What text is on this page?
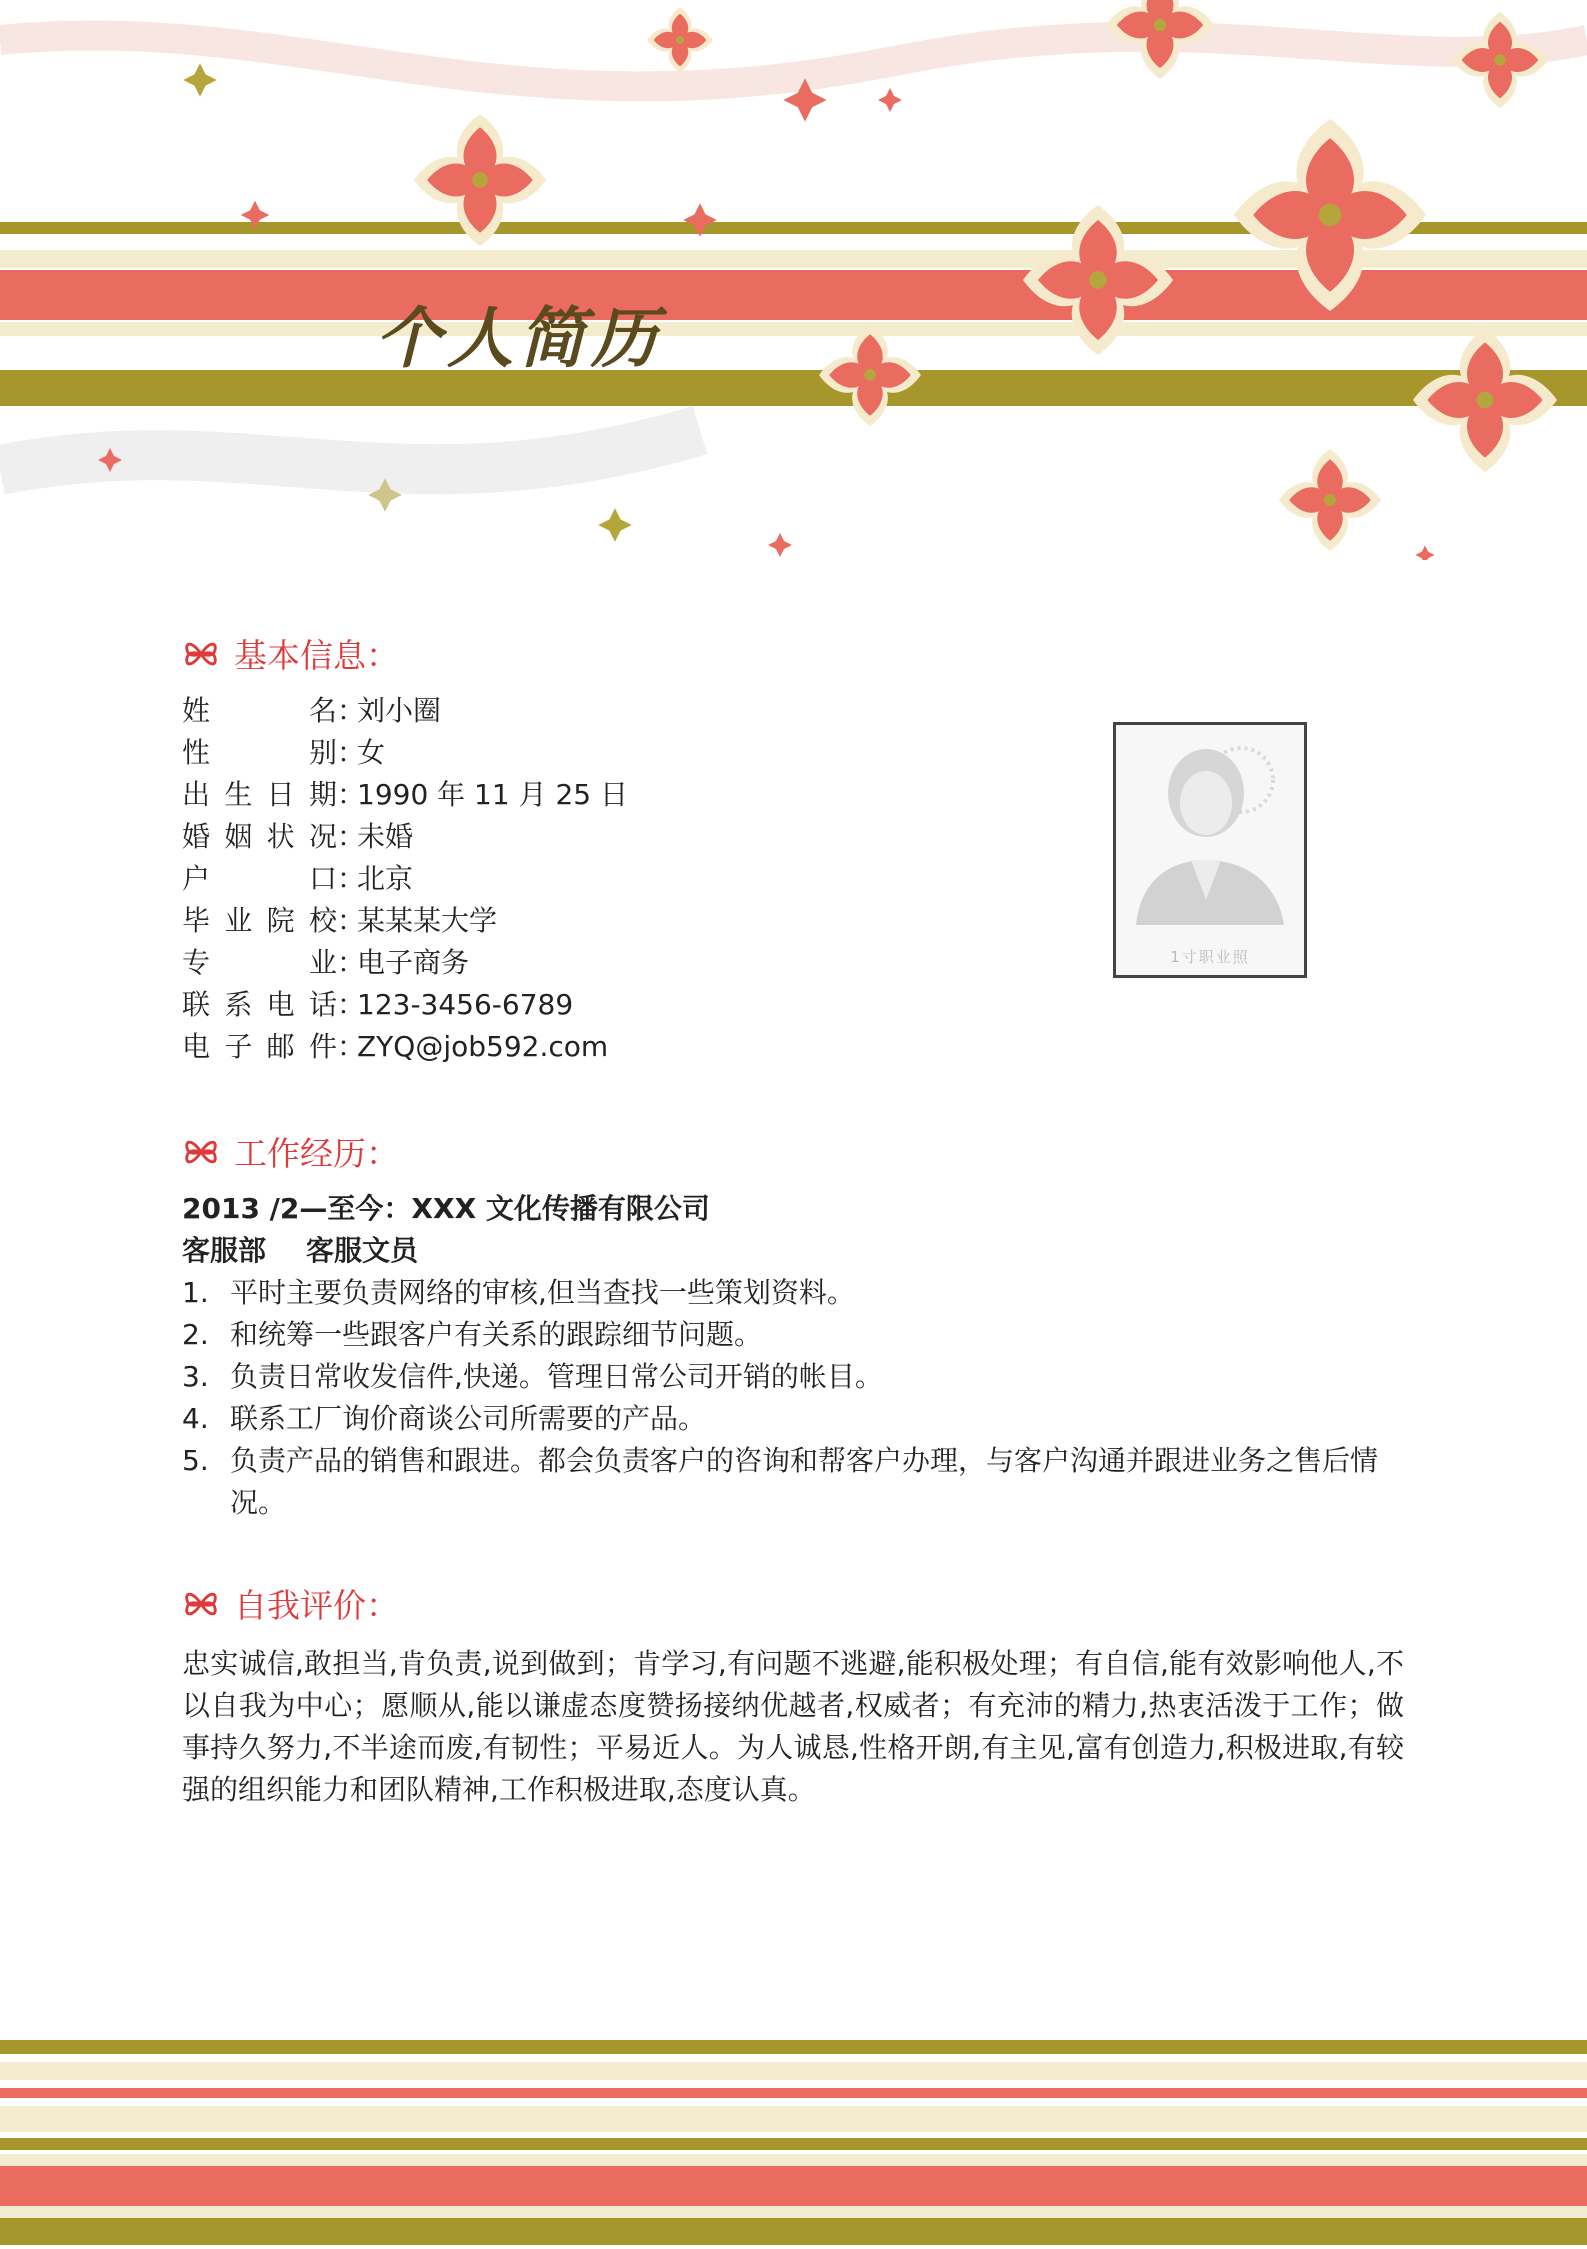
个人简历
基本信息：
姓名：刘小圈
性别：女
出生日期：1990 年 11 月 25 日
婚姻状况：未婚
户口：北京
毕业院校：某某某大学
专业：电子商务
联系电话：123-3456-6789
电子邮件：ZYQ@job592.com
1寸职业照
工作经历：
2013 /2—至今：XXX 文化传播有限公司
客服部 客服文员
1. 平时主要负责网络的审核,但当查找一些策划资料。
2. 和统筹一些跟客户有关系的跟踪细节问题。
3. 负责日常收发信件,快递。管理日常公司开销的帐目。
4. 联系工厂询价商谈公司所需要的产品。
5. 负责产品的销售和跟进。都会负责客户的咨询和帮客户办理，与客户沟通并跟进业务之售后情况。
自我评价：
忠实诚信,敢担当,肯负责,说到做到；肯学习,有问题不逃避,能积极处理；有自信,能有效影响他人,不以自我为中心；愿顺从,能以谦虚态度赞扬接纳优越者,权威者；有充沛的精力,热衷活泼于工作；做事持久努力,不半途而废,有韧性；平易近人。为人诚恳,性格开朗,有主见,富有创造力,积极进取,有较强的组织能力和团队精神,工作积极进取,态度认真。
